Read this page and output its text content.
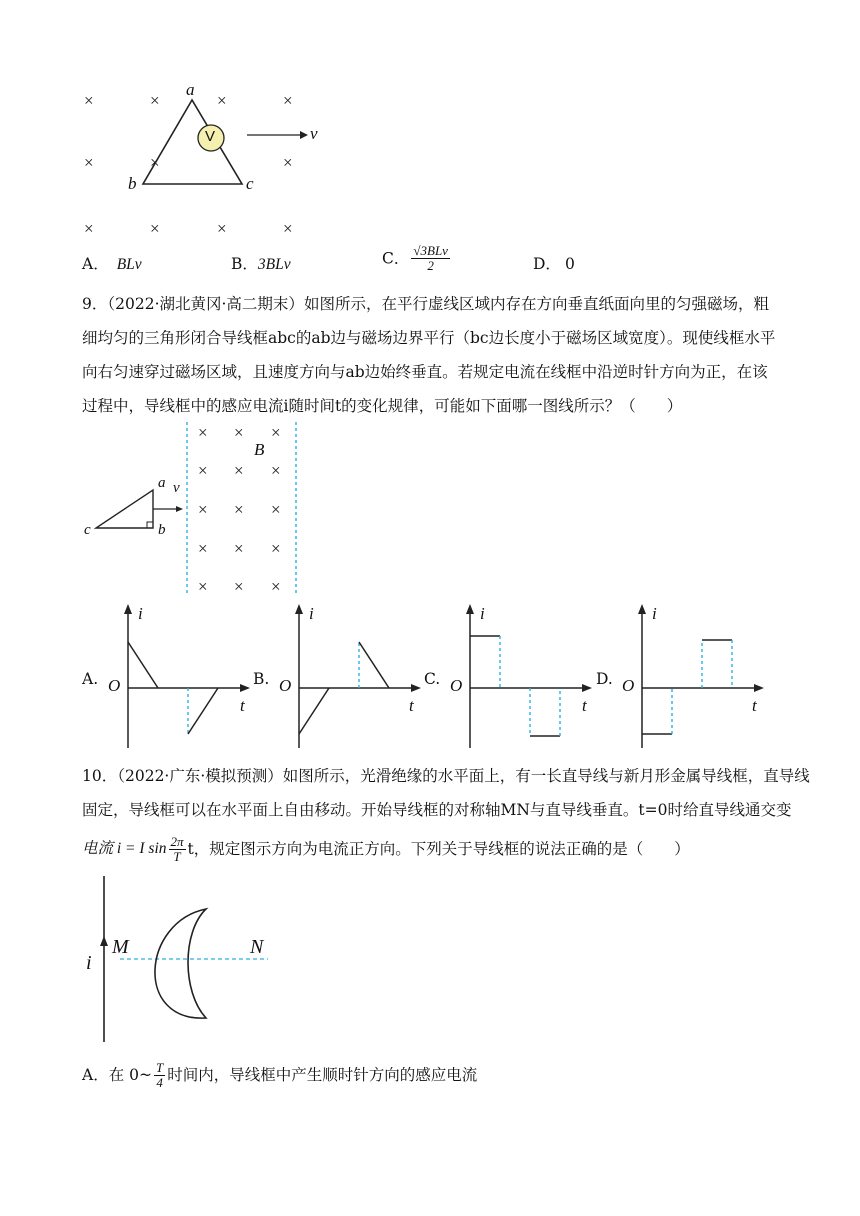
×	×	×	×
×	×	×
×	×	×	×
a
V	v
b	c
A． BLv	B．3BLv	C． $\frac{\text{√3BLv}}{2}$	D． 0
9．（2022·湖北黄冈·高二期末）如图所示，在平行虚线区域内存在方向垂直纸面向里的匀强磁场，粗细均匀的三角形闭合导线框abc的ab边与磁场边界平行（bc边长度小于磁场区域宽度）。现使线框水平向右匀速穿过磁场区域，且速度方向与ab边始终垂直。若规定电流在线框中沿逆时针方向为正，在该过程中，导线框中的感应电流i随时间t的变化规律，可能如下面哪一图线所示？（　　）
× × ×
× × ×
× × ×
× × ×
× × ×
a v
c	b
B
A.
i
O
t
B.
i
O
t
C.
i
O
t
D.
i
O
t
10．（2022·广东·模拟预测）如图所示，光滑绝缘的水平面上，有一长直导线与新月形金属导线框，直导线
固定，导线框可以在水平面上自由移动。开始导线框的对称轴MN与直导线垂直。t=0时给直导线通交变
电流 i = I $\sin \frac{2\pi}{T}$ t，规定图示方向为电流正方向。下列关于导线框的说法正确的是（　　）
i
M	N
A． 在 0~ $\frac{T}{4}$ 时间内，导线框中产生顺时针方向的感应电流
